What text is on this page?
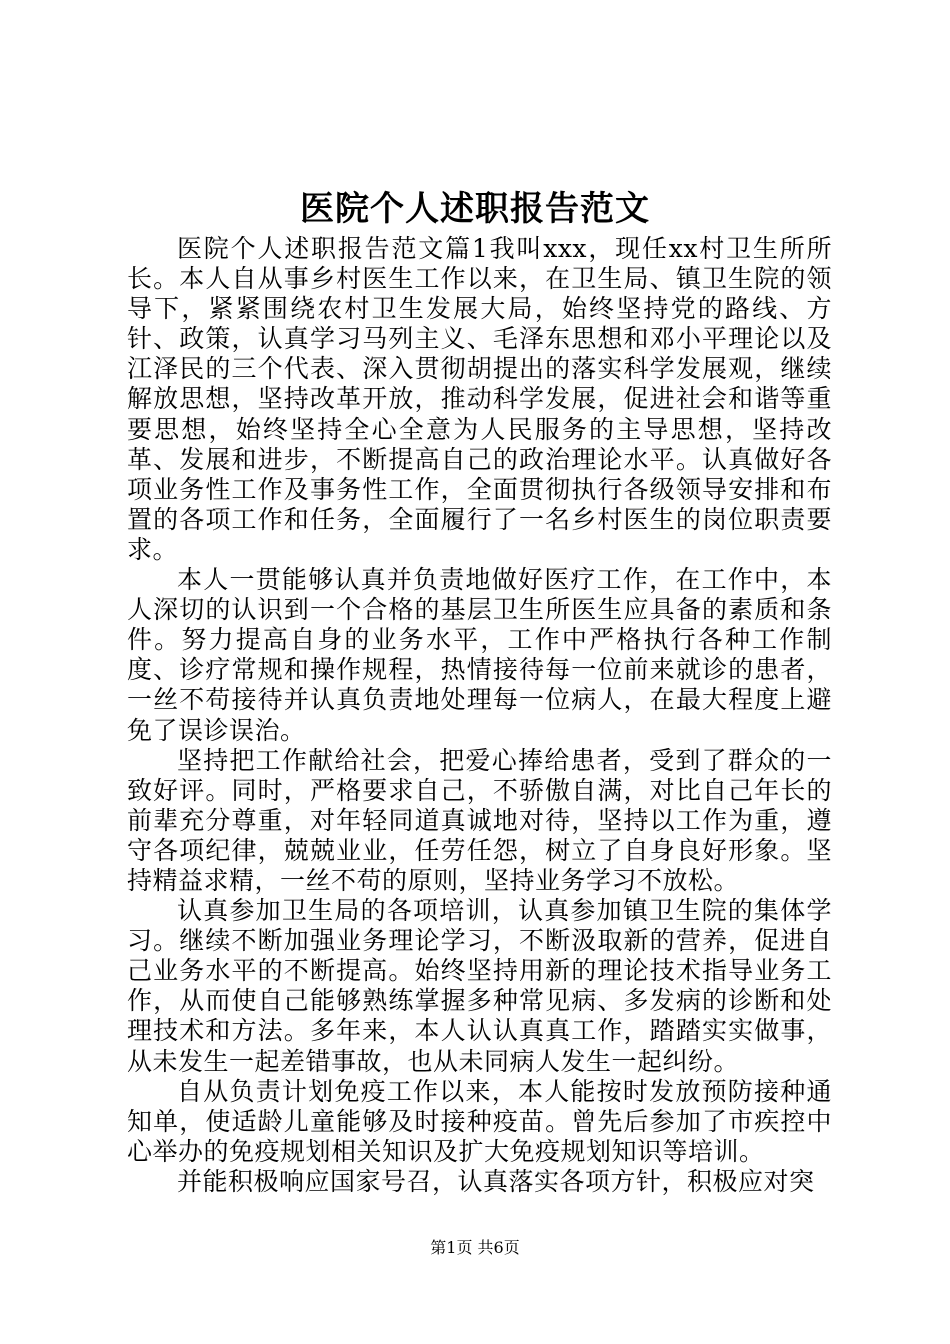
医院个人述职报告范文

医院个人述职报告范文篇1我叫xxx，现任xx村卫生所所长。本人自从事乡村医生工作以来，在卫生局、镇卫生院的领导下，紧紧围绕农村卫生发展大局，始终坚持党的路线、方针、政策，认真学习马列主义、毛泽东思想和邓小平理论以及江泽民的三个代表、深入贯彻胡提出的落实科学发展观，继续解放思想，坚持改革开放，推动科学发展，促进社会和谐等重要思想，始终坚持全心全意为人民服务的主导思想，坚持改革、发展和进步，不断提高自己的政治理论水平。认真做好各项业务性工作及事务性工作，全面贯彻执行各级领导安排和布置的各项工作和任务，全面履行了一名乡村医生的岗位职责要求。

本人一贯能够认真并负责地做好医疗工作，在工作中，本人深切的认识到一个合格的基层卫生所医生应具备的素质和条件。努力提高自身的业务水平，工作中严格执行各种工作制度、诊疗常规和操作规程，热情接待每一位前来就诊的患者，一丝不苟接待并认真负责地处理每一位病人，在最大程度上避免了误诊误治。

坚持把工作献给社会，把爱心捧给患者，受到了群众的一致好评。同时，严格要求自己，不骄傲自满，对比自己年长的前辈充分尊重，对年轻同道真诚地对待，坚持以工作为重，遵守各项纪律，兢兢业业，任劳任怨，树立了自身良好形象。坚持精益求精，一丝不苟的原则，坚持业务学习不放松。

认真参加卫生局的各项培训，认真参加镇卫生院的集体学习。继续不断加强业务理论学习，不断汲取新的营养，促进自己业务水平的不断提高。始终坚持用新的理论技术指导业务工作，从而使自己能够熟练掌握多种常见病、多发病的诊断和处理技术和方法。多年来，本人认认真真工作，踏踏实实做事，从未发生一起差错事故，也从未同病人发生一起纠纷。

自从负责计划免疫工作以来，本人能按时发放预防接种通知单，使适龄儿童能够及时接种疫苗。曾先后参加了市疾控中心举办的免疫规划相关知识及扩大免疫规划知识等培训。

并能积极响应国家号召，认真落实各项方针，积极应对突

第1页 共6页
